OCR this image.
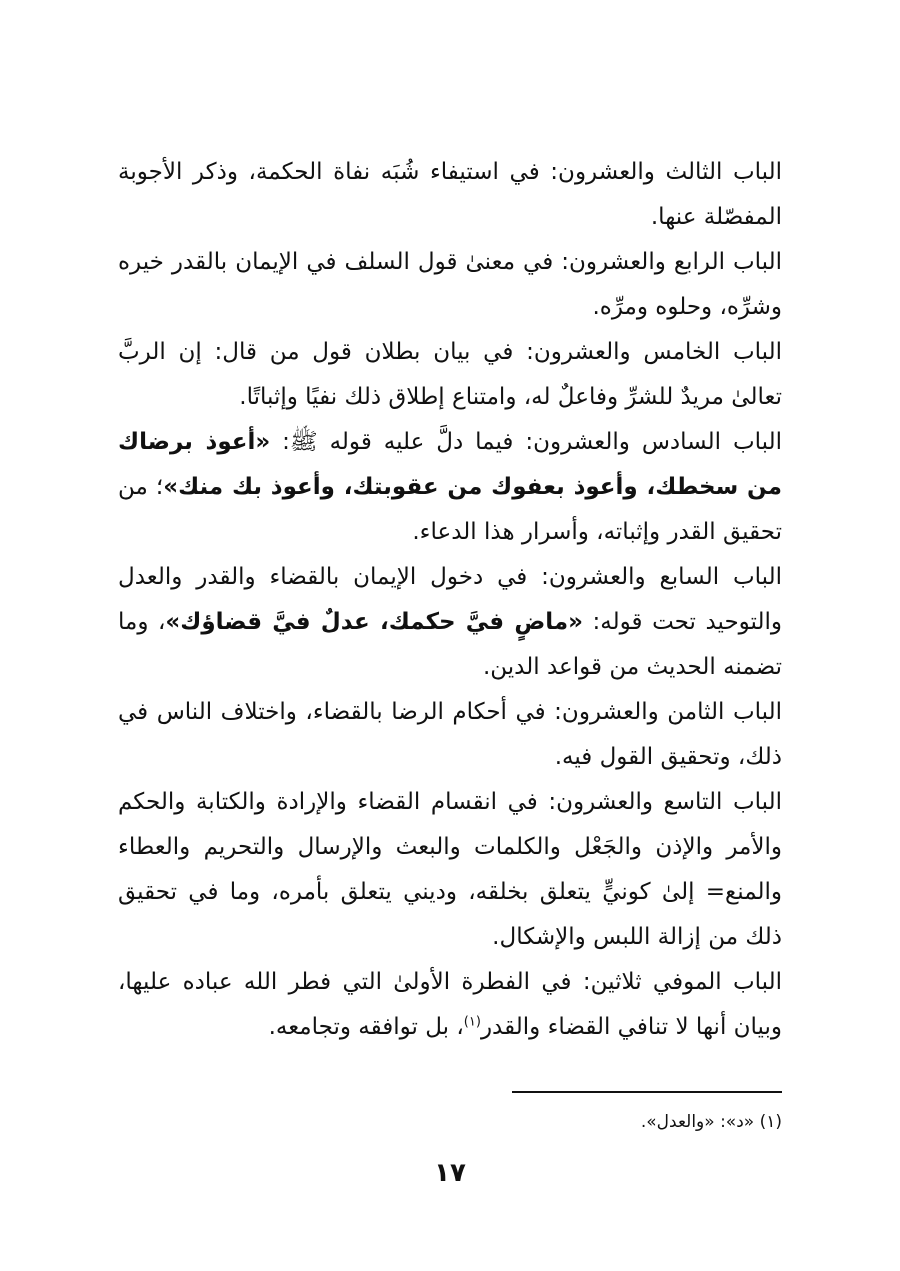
الباب الثالث والعشرون: في استيفاء شُبَه نفاة الحكمة، وذكر الأجوبة المفصّلة عنها.

الباب الرابع والعشرون: في معنىٰ قول السلف في الإيمان بالقدر خيره وشرِّه، وحلوه ومرِّه.

الباب الخامس والعشرون: في بيان بطلان قول من قال: إن الربَّ تعالىٰ مريدٌ للشرِّ وفاعلٌ له، وامتناع إطلاق ذلك نفيًا وإثباتًا.

الباب السادس والعشرون: فيما دلَّ عليه قوله ﷺ: «أعوذ برضاك من سخطك، وأعوذ بعفوك من عقوبتك، وأعوذ بك منك»؛ من تحقيق القدر وإثباته، وأسرار هذا الدعاء.

الباب السابع والعشرون: في دخول الإيمان بالقضاء والقدر والعدل والتوحيد تحت قوله: «ماضٍ فيَّ حكمك، عدلٌ فيَّ قضاؤك»، وما تضمنه الحديث من قواعد الدين.

الباب الثامن والعشرون: في أحكام الرضا بالقضاء، واختلاف الناس في ذلك، وتحقيق القول فيه.

الباب التاسع والعشرون: في انقسام القضاء والإرادة والكتابة والحكم والأمر والإذن والجَعْل والكلمات والبعث والإرسال والتحريم والعطاء والمنع= إلىٰ كونيٍّ يتعلق بخلقه، وديني يتعلق بأمره، وما في تحقيق ذلك من إزالة اللبس والإشكال.

الباب الموفي ثلاثين: في الفطرة الأولىٰ التي فطر الله عباده عليها، وبيان أنها لا تنافي القضاء والقدر$^{(١)}$، بل توافقه وتجامعه.

(١) «د»: «والعدل».
١٧
